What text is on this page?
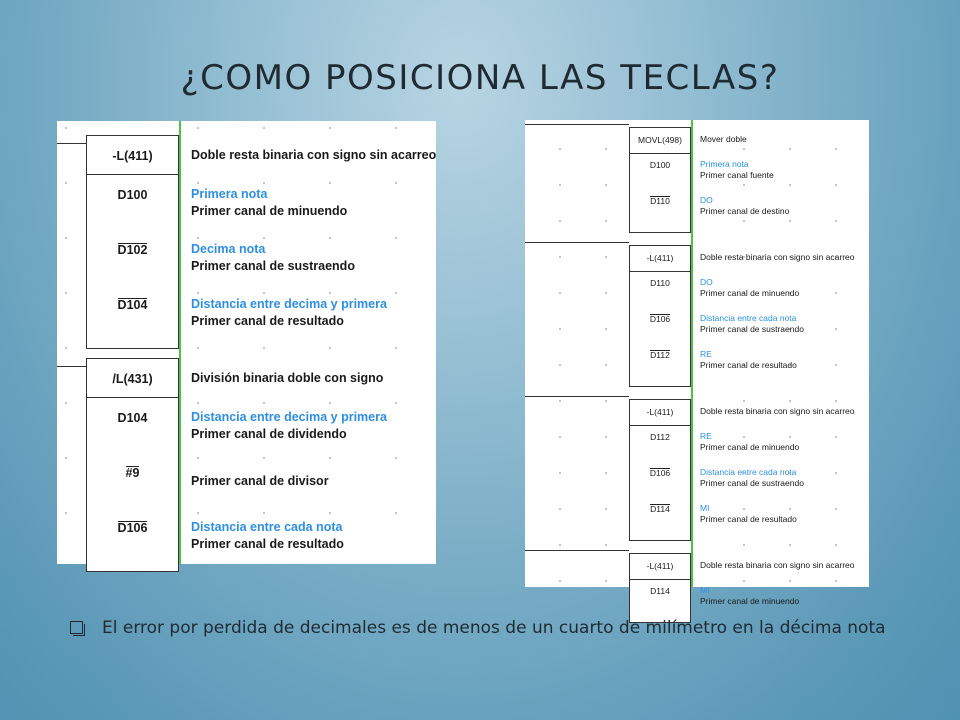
¿COMO POSICIONA LAS TECLAS?
-L(411)
D100
D102
D104
Doble resta binaria con signo sin acarreo
Primera nota
Primer canal de minuendo
Decima nota
Primer canal de sustraendo
Distancia entre decima y primera
Primer canal de resultado
/L(431)
D104
#9
D106
División binaria doble con signo
Distancia entre decima y primera
Primer canal de dividendo
Primer canal de divisor
Distancia entre cada nota
Primer canal de resultado
MOVL(498)
D100
D110
Mover doble
Primera nota
Primer canal fuente
DO
Primer canal de destino
-L(411)
D110
D106
D112
Doble resta binaria con signo sin acarreo
DO
Primer canal de minuendo
Distancia entre cada nota
Primer canal de sustraendo
RE
Primer canal de resultado
-L(411)
D112
D106
D114
Doble resta binaria con signo sin acarreo
RE
Primer canal de minuendo
Distancia entre cada nota
Primer canal de sustraendo
MI
Primer canal de resultado
-L(411)
D114
Doble resta binaria con signo sin acarreo
MI
Primer canal de minuendo
El error por perdida de decimales es de menos de un cuarto de milímetro en la décima nota
